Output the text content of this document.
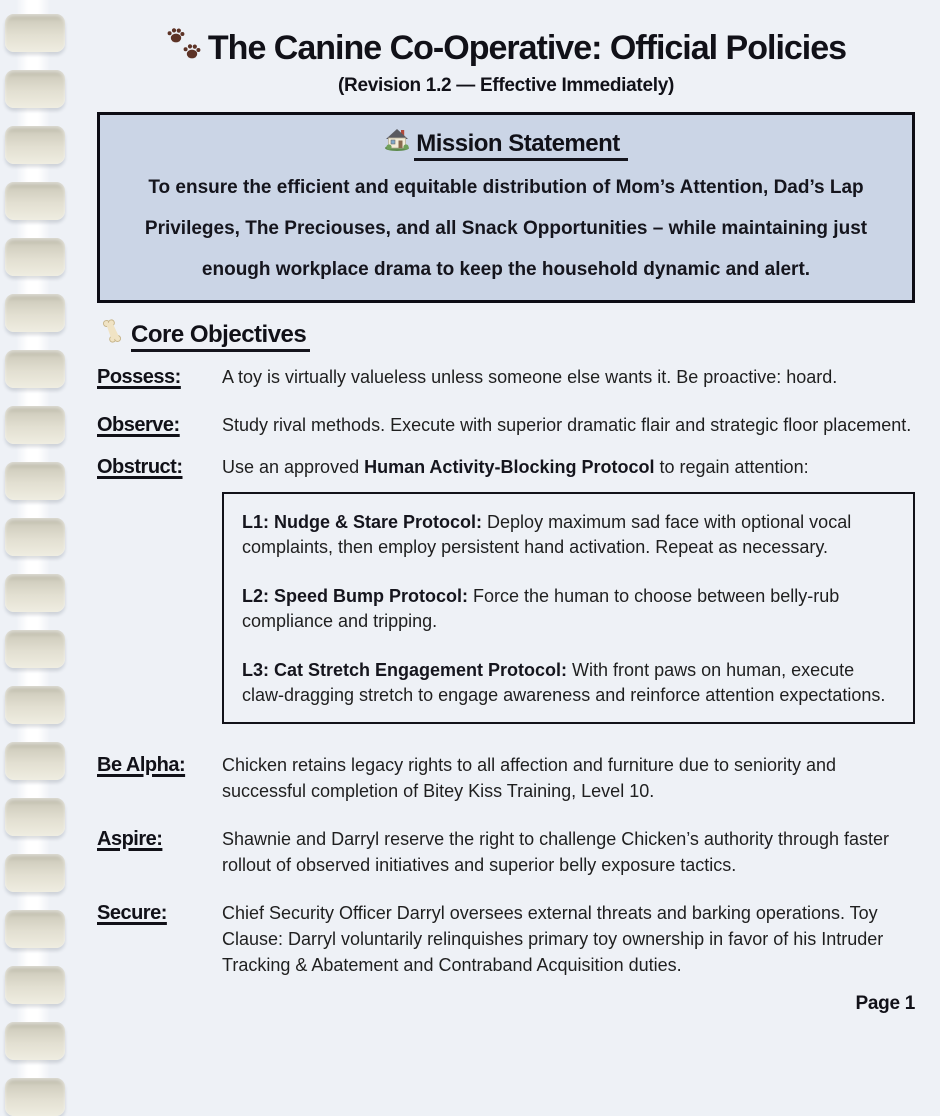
The Canine Co-Operative: Official Policies
(Revision 1.2 — Effective Immediately)
Mission Statement
To ensure the efficient and equitable distribution of Mom’s Attention, Dad’s Lap
Privileges, The Preciouses, and all Snack Opportunities – while maintaining just
enough workplace drama to keep the household dynamic and alert.
Core Objectives
Possess:	A toy is virtually valueless unless someone else wants it. Be proactive: hoard.
Observe:	Study rival methods. Execute with superior dramatic flair and strategic floor placement.
Obstruct:	Use an approved Human Activity-Blocking Protocol to regain attention:

L1: Nudge & Stare Protocol: Deploy maximum sad face with optional vocal complaints, then employ persistent hand activation. Repeat as necessary.

L2: Speed Bump Protocol: Force the human to choose between belly-rub compliance and tripping.

L3: Cat Stretch Engagement Protocol: With front paws on human, execute claw-dragging stretch to engage awareness and reinforce attention expectations.

Be Alpha:	Chicken retains legacy rights to all affection and furniture due to seniority and successful completion of Bitey Kiss Training, Level 10.
Aspire:	Shawnie and Darryl reserve the right to challenge Chicken’s authority through faster rollout of observed initiatives and superior belly exposure tactics.
Secure:	Chief Security Officer Darryl oversees external threats and barking operations. Toy Clause: Darryl voluntarily relinquishes primary toy ownership in favor of his Intruder Tracking & Abatement and Contraband Acquisition duties.
Page 1
